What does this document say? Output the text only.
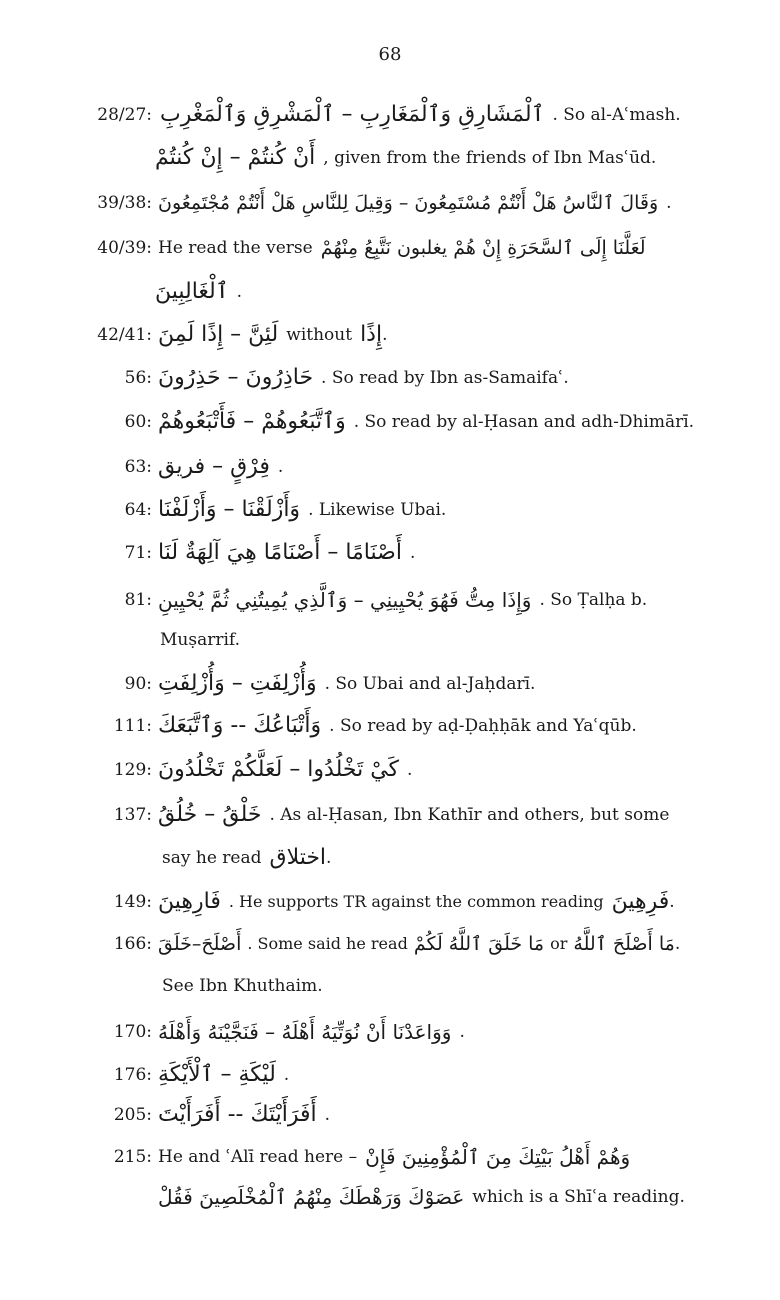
68
28/27: ٱلْمَشَارِقِ وَٱلْمَغَارِبِ – ٱلْمَشْرِقِ وَٱلْمَغْرِبِ . So al-Aʿmash.
أَنْ كُنتُمْ – إِنْ كُنتُمْ , given from the friends of Ibn Masʿūd.
39/38: وَقَالَ ٱلنَّاسُ هَلْ أَنْتُمْ مُسْتَمِعُونَ – وَقِيلَ لِلنَّاسِ هَلْ أَنْتُمْ مُجْتَمِعُونَ .
40/39: He read the verse لَعَلَّنَا إِلَى ٱلسَّحَرَةِ إِنْ هُمْ يغلبون نَتَّبِعُ مِنْهُمْ
ٱلْغَالِبِينَ .
42/41: لَئِنَّ – إِذًا لَمِنَ without إِذًا .
56: حَاذِرُونَ – حَذِرُونَ . So read by Ibn as-Samaifaʿ.
60: وَٱتَّبَعُوهُمْ – فَأَتْبَعُوهُمْ . So read by al-Ḥasan and adh-Dhimārī.
63: فِرْقٍ – فريق .
64: وَأَزْلَقْنَا – وَأَزْلَفْنَا . Likewise Ubai.
71: أَصْنَامًا – أَصْنَامًا هِيَ آلِهَةٌ لَنَا .
81: وَإِذَا مِتُّ فَهُوَ يُحْيِينِي – وَٱلَّذِي يُمِيتُنِي ثُمَّ يُحْيِينِ . So Ṭalḥa b.
Muṣarrif.
90: وَأُزْلِفَتِ – وَأُزْلِفَتِ . So Ubai and al-Jaḥdarī.
111: وَأَتْبَاعُكَ -- وَٱتَّبَعَكَ . So read by aḍ-Ḍaḥḥāk and Yaʿqūb.
129: كَيْ تَخْلُدُوا – لَعَلَّكُمْ تَخْلُدُونَ .
137: خَلْقُ – خُلُقُ . As al-Ḥasan, Ibn Kathīr and others, but some
say he read اختلاق .
149: فَارِهِينَ . He supports TR against the common reading فَرِهِينَ .
166: أَصْلَحَ–خَلَقَ . Some said he read مَا خَلَقَ ٱللَّهُ لَكُمْ or مَا أَصْلَحَ ٱللَّهُ .
See Ibn Khuthaim.
170: وَوَاعَدْنَا أَنْ نُوَتِّيَهُ أَهْلَهُ – فَنَجَّيْنَهُ وَأَهْلَهُ .
176: لَيْكَةِ – ٱلْأَيْكَةِ .
205: أَفَرَأَيْتَكَ -- أَفَرَأَيْتَ .
215: He and ʿAlī read here – وَهُمْ أَهْلُ بَيْتِكَ مِنَ ٱلْمُؤْمِنِينَ فَإِنْ
عَصَوْكَ وَرَهْطَكَ مِنْهُمُ ٱلْمُخْلَصِينَ فَقُلْ which is a Shīʿa reading.
